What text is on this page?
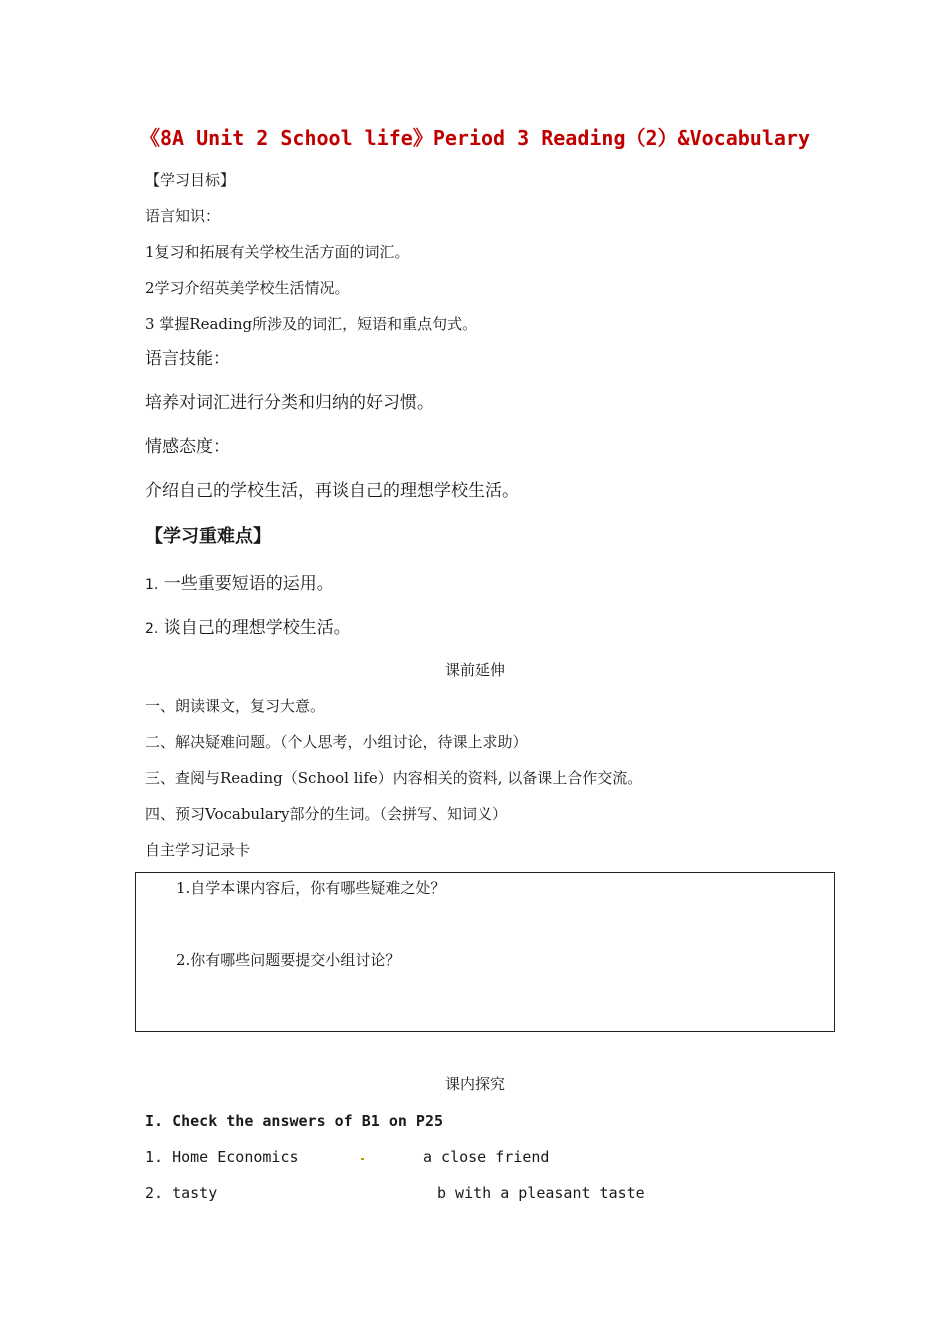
《8A Unit 2 School life》Period 3 Reading（2）&Vocabulary
【学习目标】
语言知识：
1复习和拓展有关学校生活方面的词汇。
2学习介绍英美学校生活情况。
3 掌握Reading所涉及的词汇，短语和重点句式。
语言技能：
培养对词汇进行分类和归纳的好习惯。
情感态度：
介绍自己的学校生活，再谈自己的理想学校生活。
【学习重难点】
1. 一些重要短语的运用。
2. 谈自己的理想学校生活。
课前延伸
一、朗读课文，复习大意。
二、解决疑难问题。（个人思考，小组讨论，待课上求助）
三、查阅与Reading（School life）内容相关的资料, 以备课上合作交流。
四、预习Vocabulary部分的生词。（会拼写、知词义）
自主学习记录卡
1.自学本课内容后，你有哪些疑难之处？
2.你有哪些问题要提交小组讨论？
课内探究
I. Check the answers of B1 on P25
1. Home Economics	a close friend
2. tasty	b with a pleasant taste
